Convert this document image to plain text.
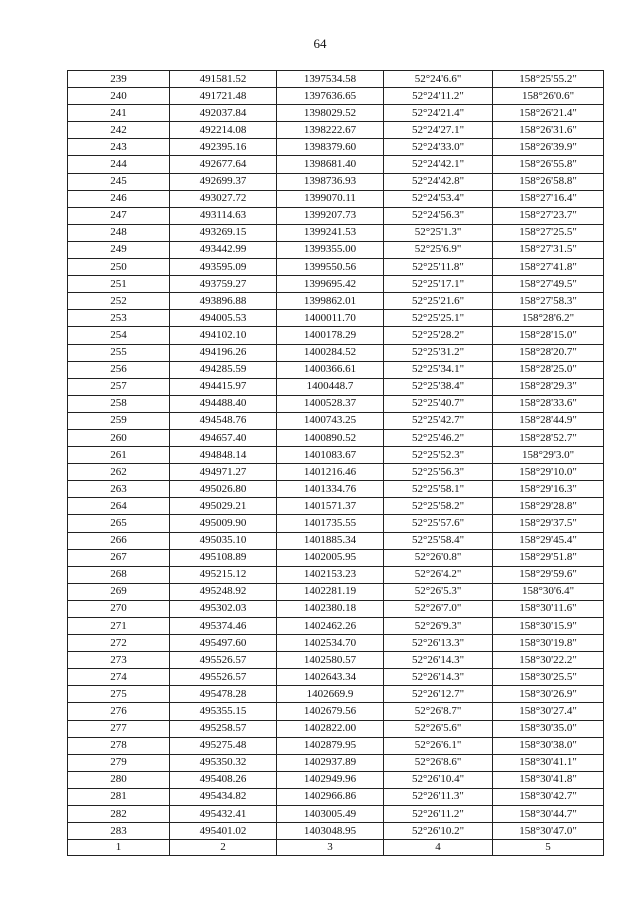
64
239	491581.52	1397534.58	52°24'6.6"	158°25'55.2"
240	491721.48	1397636.65	52°24'11.2"	158°26'0.6"
241	492037.84	1398029.52	52°24'21.4"	158°26'21.4"
242	492214.08	1398222.67	52°24'27.1"	158°26'31.6"
243	492395.16	1398379.60	52°24'33.0"	158°26'39.9"
244	492677.64	1398681.40	52°24'42.1"	158°26'55.8"
245	492699.37	1398736.93	52°24'42.8"	158°26'58.8"
246	493027.72	1399070.11	52°24'53.4"	158°27'16.4"
247	493114.63	1399207.73	52°24'56.3"	158°27'23.7"
248	493269.15	1399241.53	52°25'1.3"	158°27'25.5"
249	493442.99	1399355.00	52°25'6.9"	158°27'31.5"
250	493595.09	1399550.56	52°25'11.8"	158°27'41.8"
251	493759.27	1399695.42	52°25'17.1"	158°27'49.5"
252	493896.88	1399862.01	52°25'21.6"	158°27'58.3"
253	494005.53	1400011.70	52°25'25.1"	158°28'6.2"
254	494102.10	1400178.29	52°25'28.2"	158°28'15.0"
255	494196.26	1400284.52	52°25'31.2"	158°28'20.7"
256	494285.59	1400366.61	52°25'34.1"	158°28'25.0"
257	494415.97	1400448.7	52°25'38.4"	158°28'29.3"
258	494488.40	1400528.37	52°25'40.7"	158°28'33.6"
259	494548.76	1400743.25	52°25'42.7"	158°28'44.9"
260	494657.40	1400890.52	52°25'46.2"	158°28'52.7"
261	494848.14	1401083.67	52°25'52.3"	158°29'3.0"
262	494971.27	1401216.46	52°25'56.3"	158°29'10.0"
263	495026.80	1401334.76	52°25'58.1"	158°29'16.3"
264	495029.21	1401571.37	52°25'58.2"	158°29'28.8"
265	495009.90	1401735.55	52°25'57.6"	158°29'37.5"
266	495035.10	1401885.34	52°25'58.4"	158°29'45.4"
267	495108.89	1402005.95	52°26'0.8"	158°29'51.8"
268	495215.12	1402153.23	52°26'4.2"	158°29'59.6"
269	495248.92	1402281.19	52°26'5.3"	158°30'6.4"
270	495302.03	1402380.18	52°26'7.0"	158°30'11.6"
271	495374.46	1402462.26	52°26'9.3"	158°30'15.9"
272	495497.60	1402534.70	52°26'13.3"	158°30'19.8"
273	495526.57	1402580.57	52°26'14.3"	158°30'22.2"
274	495526.57	1402643.34	52°26'14.3"	158°30'25.5"
275	495478.28	1402669.9	52°26'12.7"	158°30'26.9"
276	495355.15	1402679.56	52°26'8.7"	158°30'27.4"
277	495258.57	1402822.00	52°26'5.6"	158°30'35.0"
278	495275.48	1402879.95	52°26'6.1"	158°30'38.0"
279	495350.32	1402937.89	52°26'8.6"	158°30'41.1"
280	495408.26	1402949.96	52°26'10.4"	158°30'41.8"
281	495434.82	1402966.86	52°26'11.3"	158°30'42.7"
282	495432.41	1403005.49	52°26'11.2"	158°30'44.7"
283	495401.02	1403048.95	52°26'10.2"	158°30'47.0"
1	2	3	4	5
